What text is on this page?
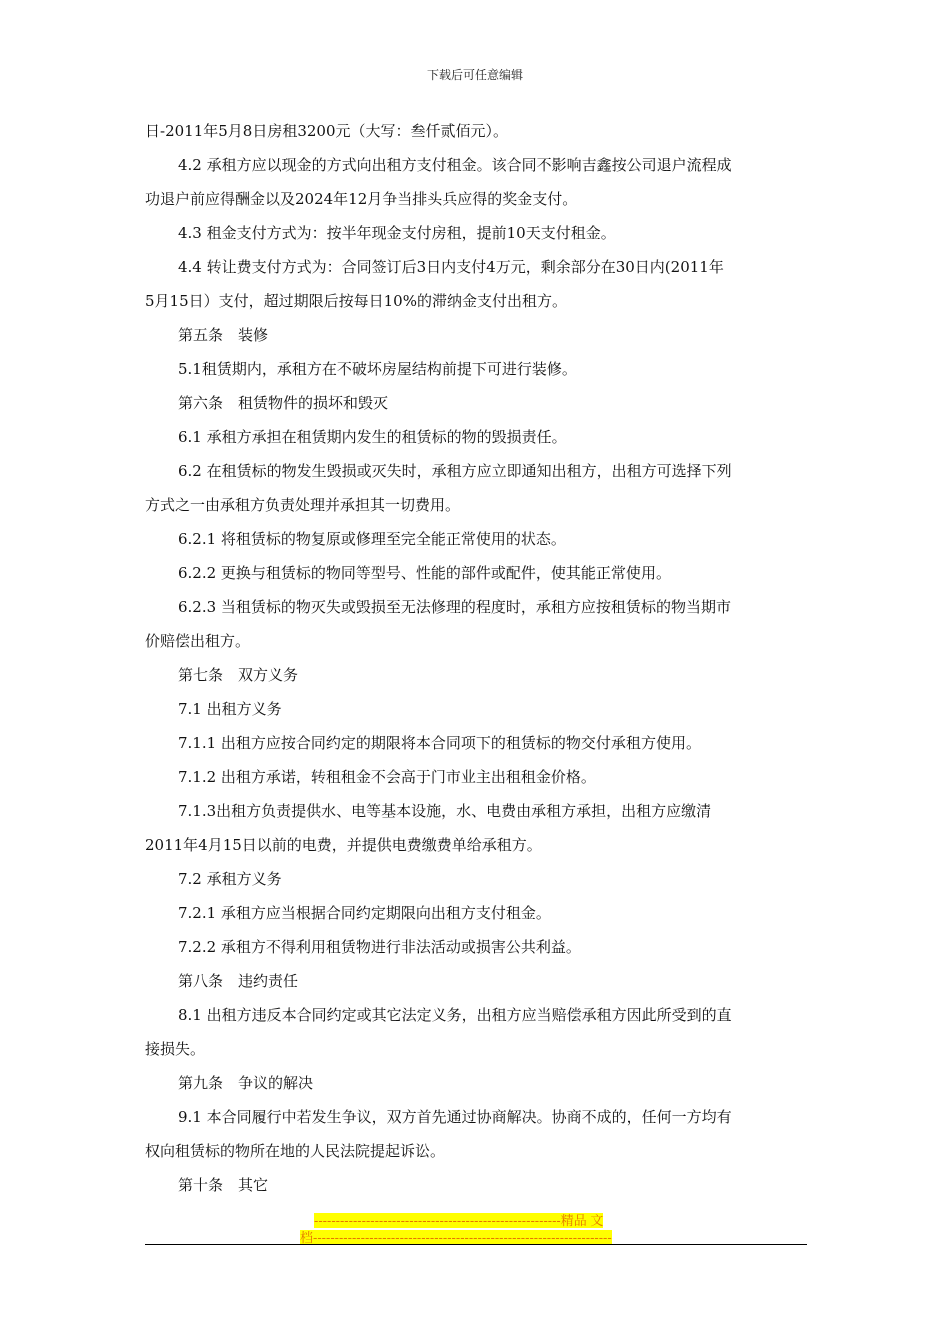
下载后可任意编辑
日-2011年5月8日房租3200元（大写：叁仟贰佰元）。
4.2 承租方应以现金的方式向出租方支付租金。该合同不影响吉鑫按公司退户流程成
功退户前应得酬金以及2024年12月争当排头兵应得的奖金支付。
4.3 租金支付方式为：按半年现金支付房租，提前10天支付租金。
4.4 转让费支付方式为：合同签订后3日内支付4万元，剩余部分在30日内(2011年
5月15日）支付，超过期限后按每日10%的滞纳金支付出租方。
第五条　装修
5.1租赁期内，承租方在不破坏房屋结构前提下可进行装修。
第六条　租赁物件的损坏和毁灭
6.1 承租方承担在租赁期内发生的租赁标的物的毁损责任。
6.2 在租赁标的物发生毁损或灭失时，承租方应立即通知出租方，出租方可选择下列
方式之一由承租方负责处理并承担其一切费用。
6.2.1 将租赁标的物复原或修理至完全能正常使用的状态。
6.2.2 更换与租赁标的物同等型号、性能的部件或配件，使其能正常使用。
6.2.3 当租赁标的物灭失或毁损至无法修理的程度时，承租方应按租赁标的物当期市
价赔偿出租方。
第七条　双方义务
7.1 出租方义务
7.1.1 出租方应按合同约定的期限将本合同项下的租赁标的物交付承租方使用。
7.1.2 出租方承诺，转租租金不会高于门市业主出租租金价格。
7.1.3出租方负责提供水、电等基本设施，水、电费由承租方承担，出租方应缴清
2011年4月15日以前的电费，并提供电费缴费单给承租方。
7.2 承租方义务
7.2.1 承租方应当根据合同约定期限向出租方支付租金。
7.2.2 承租方不得利用租赁物进行非法活动或损害公共利益。
第八条　违约责任
8.1 出租方违反本合同约定或其它法定义务，出租方应当赔偿承租方因此所受到的直
接损失。
第九条　争议的解决
9.1 本合同履行中若发生争议，双方首先通过协商解决。协商不成的，任何一方均有
权向租赁标的物所在地的人民法院提起诉讼。
第十条　其它
---------------------------------------------------------精品 文
档---------------------------------------------------------------------
